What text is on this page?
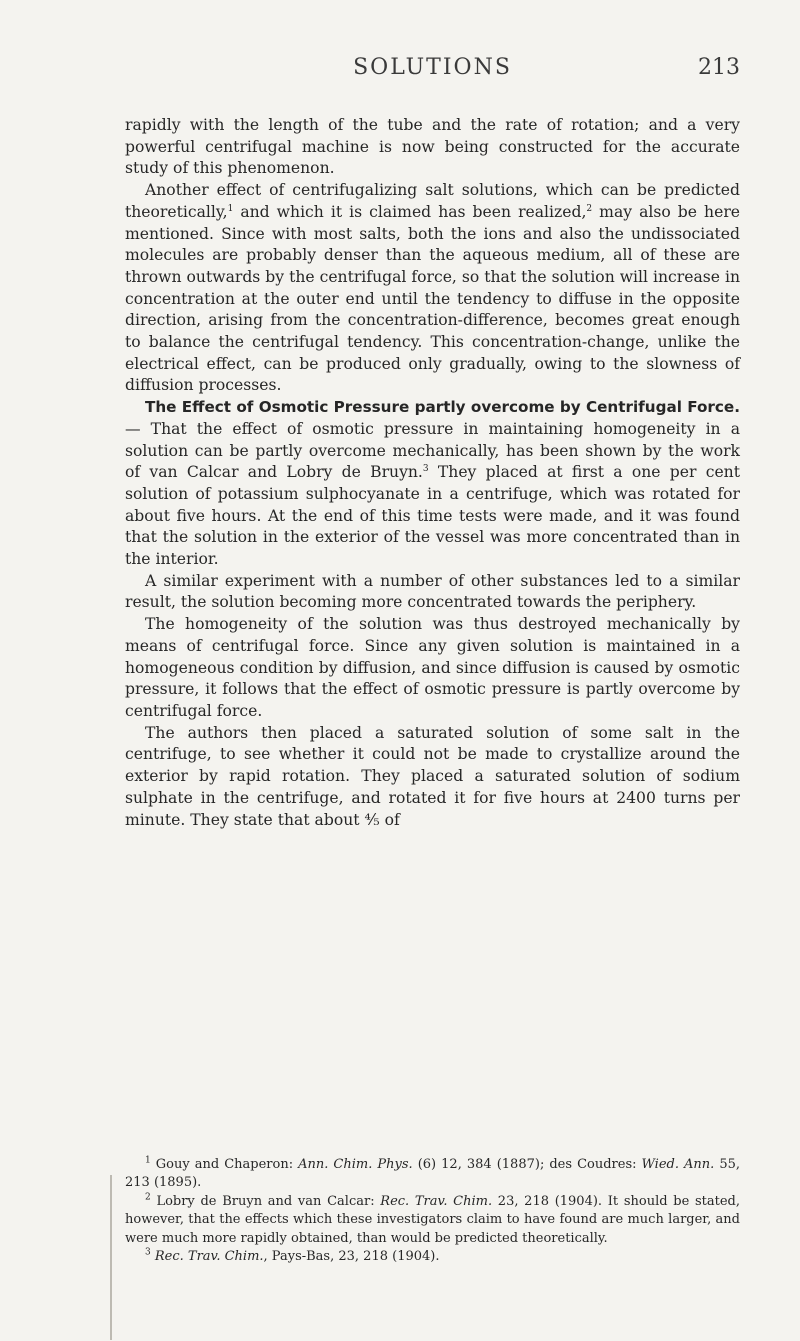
SOLUTIONS	213

rapidly with the length of the tube and the rate of rotation; and a very powerful centrifugal machine is now being constructed for the accurate study of this phenomenon.

Another effect of centrifugalizing salt solutions, which can be predicted theoretically,$^1$ and which it is claimed has been realized,$^2$ may also be here mentioned. Since with most salts, both the ions and also the undissociated molecules are probably denser than the aqueous medium, all of these are thrown outwards by the centrifugal force, so that the solution will increase in concentration at the outer end until the tendency to diffuse in the opposite direction, arising from the concentration-difference, becomes great enough to balance the centrifugal tendency. This concentration-change, unlike the electrical effect, can be produced only gradually, owing to the slowness of diffusion processes.

The Effect of Osmotic Pressure partly overcome by Centrifugal Force. — That the effect of osmotic pressure in maintaining homogeneity in a solution can be partly overcome mechanically, has been shown by the work of van Calcar and Lobry de Bruyn.$^3$ They placed at first a one per cent solution of potassium sulphocyanate in a centrifuge, which was rotated for about five hours. At the end of this time tests were made, and it was found that the solution in the exterior of the vessel was more concentrated than in the interior.

A similar experiment with a number of other substances led to a similar result, the solution becoming more concentrated towards the periphery.

The homogeneity of the solution was thus destroyed mechanically by means of centrifugal force. Since any given solution is maintained in a homogeneous condition by diffusion, and since diffusion is caused by osmotic pressure, it follows that the effect of osmotic pressure is partly overcome by centrifugal force.

The authors then placed a saturated solution of some salt in the centrifuge, to see whether it could not be made to crystallize around the exterior by rapid rotation. They placed a saturated solution of sodium sulphate in the centrifuge, and rotated it for five hours at 2400 turns per minute. They state that about ⅘ of

$^1$ Gouy and Chaperon: Ann. Chim. Phys. (6) 12, 384 (1887); des Coudres: Wied. Ann. 55, 213 (1895).

$^2$ Lobry de Bruyn and van Calcar: Rec. Trav. Chim. 23, 218 (1904). It should be stated, however, that the effects which these investigators claim to have found are much larger, and were much more rapidly obtained, than would be predicted theoretically.

$^3$ Rec. Trav. Chim., Pays-Bas, 23, 218 (1904).
